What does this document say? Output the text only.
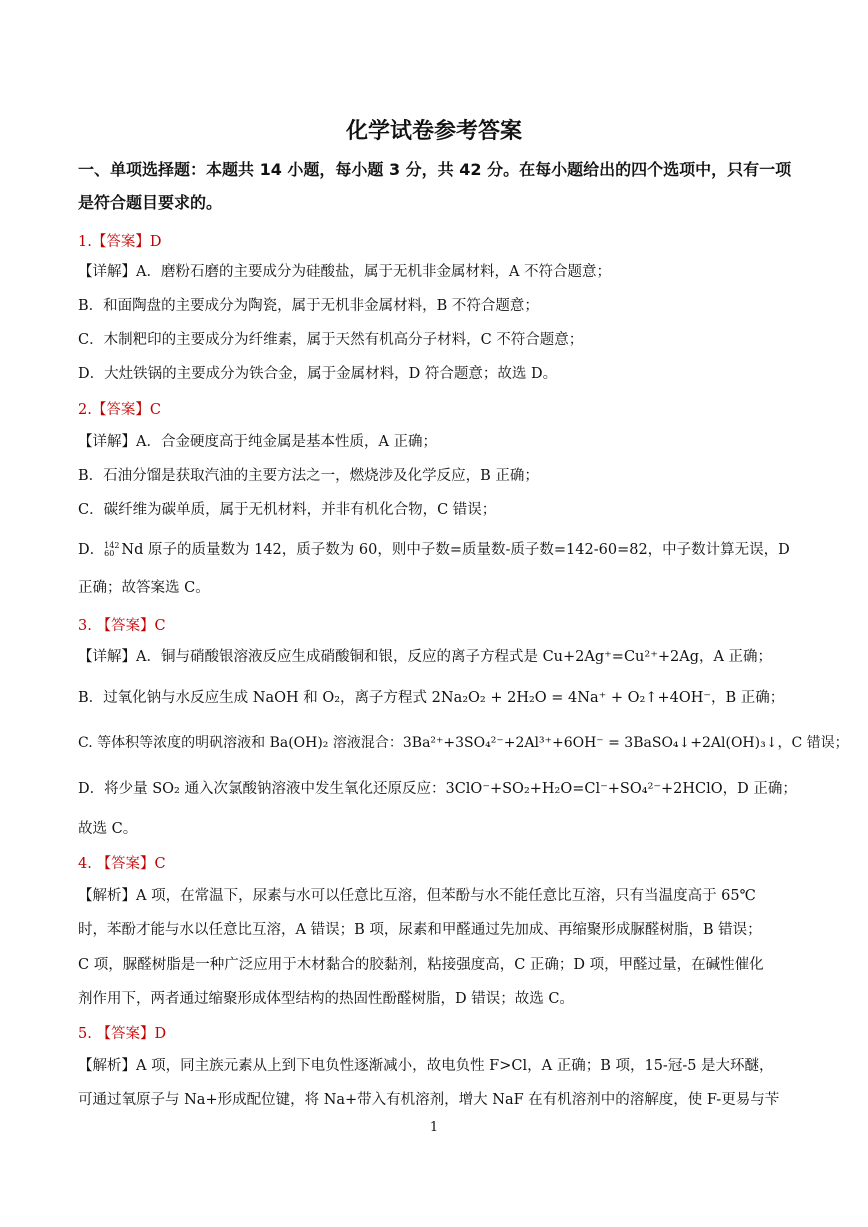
化学试卷参考答案
一、单项选择题：本题共 14 小题，每小题 3 分，共 42 分。在每小题给出的四个选项中，只有一项是符合题目要求的。
1.【答案】D
【详解】A．磨粉石磨的主要成分为硅酸盐，属于无机非金属材料，A 不符合题意；
B．和面陶盘的主要成分为陶瓷，属于无机非金属材料，B 不符合题意；
C．木制粑印的主要成分为纤维素，属于天然有机高分子材料，C 不符合题意；
D．大灶铁锅的主要成分为铁合金，属于金属材料，D 符合题意；故选 D。
2.【答案】C
【详解】A．合金硬度高于纯金属是基本性质，A 正确；
B．石油分馏是获取汽油的主要方法之一，燃烧涉及化学反应，B 正确；
C．碳纤维为碳单质，属于无机材料，并非有机化合物，C 错误；
D．142
60 Nd 原子的质量数为 142，质子数为 60，则中子数=质量数-质子数=142-60=82，中子数计算无误，D
正确；故答案选 C。
3. 【答案】C
【详解】A．铜与硝酸银溶液反应生成硝酸铜和银，反应的离子方程式是 Cu+2Ag⁺=Cu²⁺+2Ag，A 正确；
B．过氧化钠与水反应生成 NaOH 和 O₂，离子方程式 2Na₂O₂ + 2H₂O = 4Na⁺ + O₂↑+4OH⁻，B 正确；
C. 等体积等浓度的明矾溶液和 Ba(OH)₂ 溶液混合：3Ba²⁺+3SO₄²⁻+2Al³⁺+6OH⁻ = 3BaSO₄↓+2Al(OH)₃↓，C 错误；
D．将少量 SO₂ 通入次氯酸钠溶液中发生氧化还原反应：3ClO⁻+SO₂+H₂O=Cl⁻+SO₄²⁻+2HClO，D 正确；
故选 C。
4. 【答案】C
【解析】A 项，在常温下，尿素与水可以任意比互溶，但苯酚与水不能任意比互溶，只有当温度高于 65℃
时，苯酚才能与水以任意比互溶，A 错误；B 项，尿素和甲醛通过先加成、再缩聚形成脲醛树脂，B 错误；
C 项，脲醛树脂是一种广泛应用于木材黏合的胶黏剂，粘接强度高，C 正确；D 项，甲醛过量，在碱性催化
剂作用下，两者通过缩聚形成体型结构的热固性酚醛树脂，D 错误；故选 C。
5. 【答案】D
【解析】A 项，同主族元素从上到下电负性逐渐减小，故电负性 F>Cl，A 正确；B 项，15-冠-5 是大环醚，
可通过氧原子与 Na+形成配位键，将 Na+带入有机溶剂，增大 NaF 在有机溶剂中的溶解度，使 F-更易与苄
1
